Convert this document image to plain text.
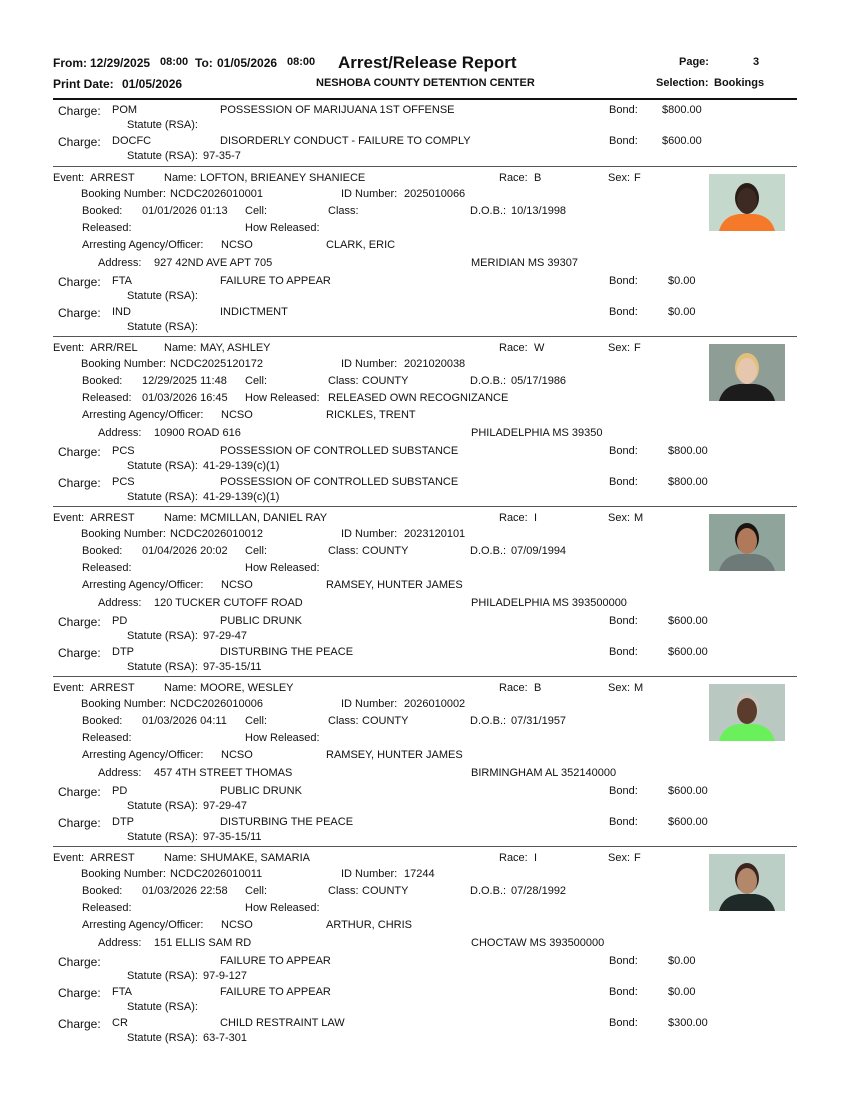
From: 12/29/2025 08:00 To: 01/05/2026 08:00 Arrest/Release Report	Page:	3
Print Date: 01/05/2026	NESHOBA COUNTY DETENTION CENTER	Selection: Bookings
Charge: POM	POSSESSION OF MARIJUANA 1ST OFFENSE	Bond: $800.00
Statute (RSA):
Charge: DOCFC	DISORDERLY CONDUCT - FAILURE TO COMPLY	Bond: $600.00
Statute (RSA): 97-35-7
Event: ARREST	Name: LOFTON, BRIEANEY SHANIECE	Race: B	Sex: F
Booking Number: NCDC2026010001	ID Number: 2025010066
Booked: 01/01/2026 01:13 Cell:	Class:	D.O.B.: 10/13/1998
Released:	How Released:
Arresting Agency/Officer: NCSO	CLARK, ERIC
Address: 927 42ND AVE APT 705	MERIDIAN MS 39307
Charge: FTA	FAILURE TO APPEAR	Bond:	$0.00
Statute (RSA):
Charge: IND	INDICTMENT	Bond:	$0.00
Statute (RSA):
Event: ARR/REL Name: MAY, ASHLEY	Race: W	Sex: F
Booking Number: NCDC2025120172	ID Number: 2021020038
Booked: 12/29/2025 11:48 Cell:	Class: COUNTY	D.O.B.: 05/17/1986
Released: 01/03/2026 16:45 How Released: RELEASED OWN RECOGNIZANCE
Arresting Agency/Officer: NCSO	RICKLES, TRENT
Address: 10900 ROAD 616	PHILADELPHIA MS 39350
Charge: PCS	POSSESSION OF CONTROLLED SUBSTANCE	Bond:	$800.00
Statute (RSA): 41-29-139(c)(1)
Charge: PCS	POSSESSION OF CONTROLLED SUBSTANCE	Bond:	$800.00
Statute (RSA): 41-29-139(c)(1)
Event: ARREST	Name: MCMILLAN, DANIEL RAY	Race: I	Sex: M
Booking Number: NCDC2026010012	ID Number: 2023120101
Booked: 01/04/2026 20:02 Cell:	Class: COUNTY	D.O.B.: 07/09/1994
Released:	How Released:
Arresting Agency/Officer: NCSO	RAMSEY, HUNTER JAMES
Address: 120 TUCKER CUTOFF ROAD	PHILADELPHIA MS 393500000
Charge: PD	PUBLIC DRUNK	Bond:	$600.00
Statute (RSA): 97-29-47
Charge: DTP	DISTURBING THE PEACE	Bond:	$600.00
Statute (RSA): 97-35-15/11
Event: ARREST	Name: MOORE, WESLEY	Race: B	Sex: M
Booking Number: NCDC2026010006	ID Number: 2026010002
Booked: 01/03/2026 04:11 Cell:	Class: COUNTY	D.O.B.: 07/31/1957
Released:	How Released:
Arresting Agency/Officer: NCSO	RAMSEY, HUNTER JAMES
Address: 457 4TH STREET THOMAS	BIRMINGHAM AL 352140000
Charge: PD	PUBLIC DRUNK	Bond:	$600.00
Statute (RSA): 97-29-47
Charge: DTP	DISTURBING THE PEACE	Bond:	$600.00
Statute (RSA): 97-35-15/11
Event: ARREST	Name: SHUMAKE, SAMARIA	Race: I	Sex: F
Booking Number: NCDC2026010011	ID Number: 17244
Booked: 01/03/2026 22:58 Cell:	Class: COUNTY	D.O.B.: 07/28/1992
Released:	How Released:
Arresting Agency/Officer: NCSO	ARTHUR, CHRIS
Address: 151 ELLIS SAM RD	CHOCTAW MS 393500000
Charge:	FAILURE TO APPEAR	Bond:	$0.00
Statute (RSA): 97-9-127
Charge: FTA	FAILURE TO APPEAR	Bond:	$0.00
Statute (RSA):
Charge: CR	CHILD RESTRAINT LAW	Bond:	$300.00
Statute (RSA): 63-7-301
